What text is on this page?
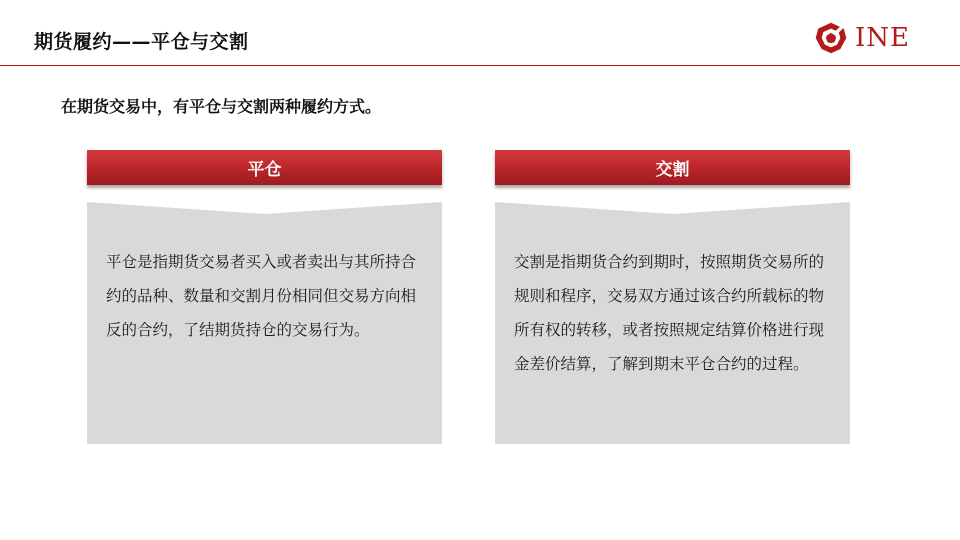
期货履约——平仓与交割	INE
在期货交易中，有平仓与交割两种履约方式。
平仓
平仓是指期货交易者买入或者卖出与其所持合约的品种、数量和交割月份相同但交易方向相反的合约，了结期货持仓的交易行为。
交割
交割是指期货合约到期时，按照期货交易所的规则和程序，交易双方通过该合约所载标的物所有权的转移，或者按照规定结算价格进行现金差价结算，了解到期末平仓合约的过程。
